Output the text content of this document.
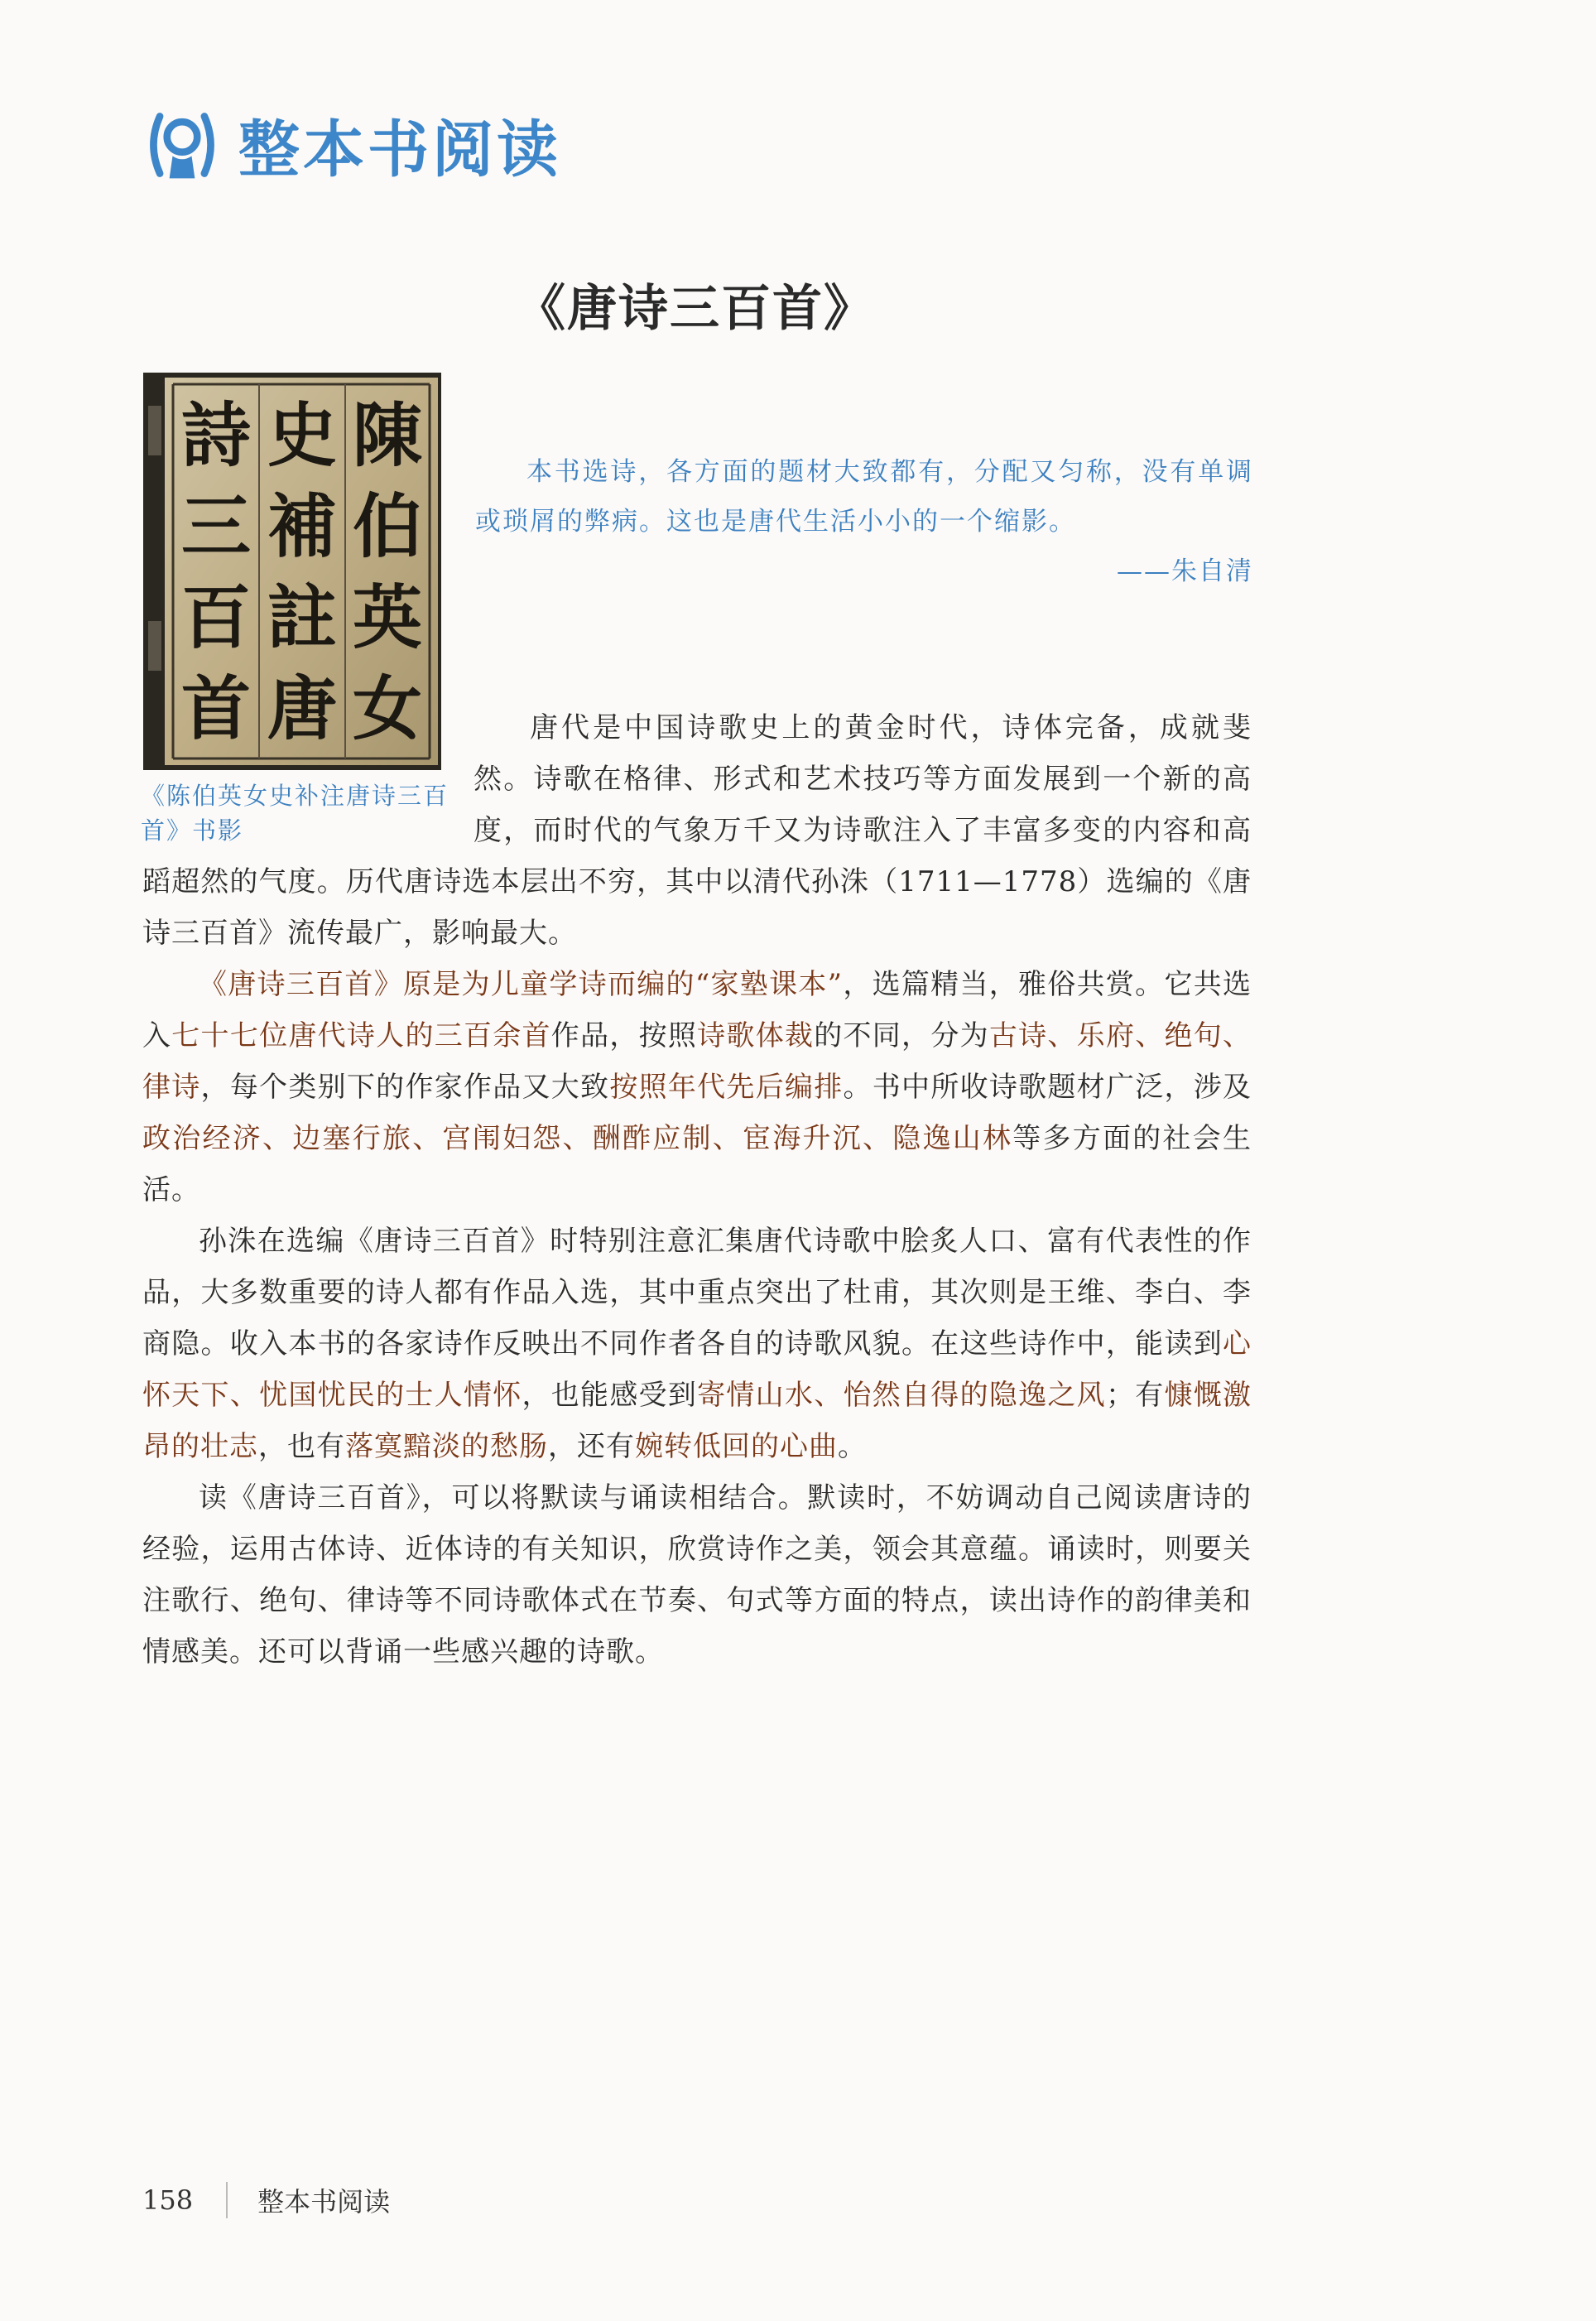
整本书阅读
《唐诗三百首》
陳
伯
英
女
史
補
註
唐
詩
三
百
首
《陈伯英女史补注唐诗三百首》书影

本书选诗，各方面的题材大致都有，分配又匀称，没有单调或琐屑的弊病。这也是唐代生活小小的一个缩影。

——朱自清

唐代是中国诗歌史上的黄金时代，诗体完备，成就斐然。诗歌在格律、形式和艺术技巧等方面发展到一个新的高度，而时代的气象万千又为诗歌注入了丰富多变的内容和高蹈超然的气度。历代唐诗选本层出不穷，其中以清代孙洙（1711—1778）选编的《唐诗三百首》流传最广，影响最大。

《唐诗三百首》原是为儿童学诗而编的“家塾课本”，选篇精当，雅俗共赏。它共选入七十七位唐代诗人的三百余首作品，按照诗歌体裁的不同，分为古诗、乐府、绝句、律诗，每个类别下的作家作品又大致按照年代先后编排。书中所收诗歌题材广泛，涉及政治经济、边塞行旅、宫闱妇怨、酬酢应制、宦海升沉、隐逸山林等多方面的社会生活。

孙洙在选编《唐诗三百首》时特别注意汇集唐代诗歌中脍炙人口、富有代表性的作品，大多数重要的诗人都有作品入选，其中重点突出了杜甫，其次则是王维、李白、李商隐。收入本书的各家诗作反映出不同作者各自的诗歌风貌。在这些诗作中，能读到心怀天下、忧国忧民的士人情怀，也能感受到寄情山水、怡然自得的隐逸之风；有慷慨激昂的壮志，也有落寞黯淡的愁肠，还有婉转低回的心曲。

读《唐诗三百首》，可以将默读与诵读相结合。默读时，不妨调动自己阅读唐诗的经验，运用古体诗、近体诗的有关知识，欣赏诗作之美，领会其意蕴。诵读时，则要关注歌行、绝句、律诗等不同诗歌体式在节奏、句式等方面的特点，读出诗作的韵律美和情感美。还可以背诵一些感兴趣的诗歌。

158 整本书阅读
